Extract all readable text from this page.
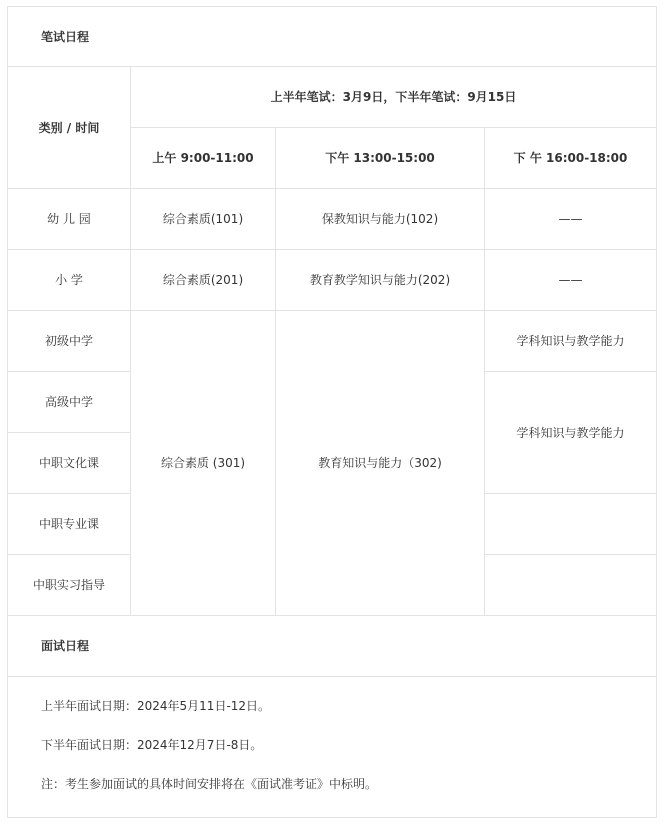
笔试日程			
类别 / 时间	上半年笔试：3月9日，下半年笔试：9月15日		
	上午 9:00-11:00	下午 13:00-15:00	下 午 16:00-18:00
幼 儿 园	综合素质(101)	保教知识与能力(102)	——
小 学	综合素质(201)	教育教学知识与能力(202)	——
初级中学	综合素质 (301)	教育知识与能力（302)	学科知识与教学能力
高级中学			学科知识与教学能力
中职文化课			
中职专业课			
中职实习指导			
面试日程			

上半年面试日期：2024年5月11日-12日。
下半年面试日期：2024年12月7日-8日。
注：考生参加面试的具体时间安排将在《面试准考证》中标明。			
